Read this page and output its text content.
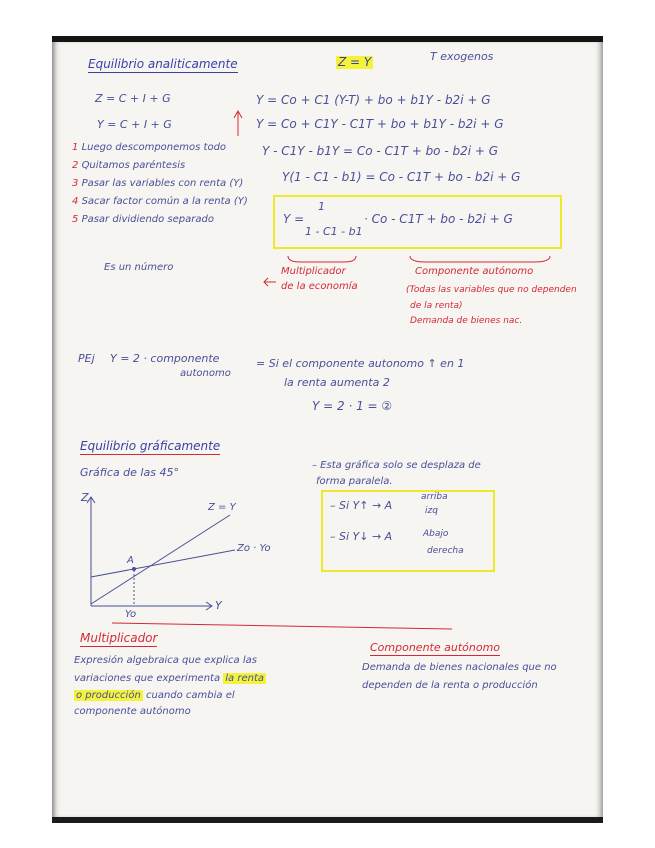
Equilibrio analiticamente	Z = Y	T exogenos
Z = C + I + G
Y = C + I + G
Y = Co + C1 (Y-T) + bo + b1Y - b2i + G
Y = Co + C1Y - C1T + bo + b1Y - b2i + G
Y - C1Y - b1Y = Co - C1T + bo - b2i + G
Y(1 - C1 - b1) = Co - C1T + bo - b2i + G
Y =
1
1 - C1 - b1
· Co - C1T + bo - b2i + G
1 Luego descomponemos todo
2 Quitamos paréntesis
3 Pasar las variables con renta (Y)
4 Sacar factor común a la renta (Y)
5 Pasar dividiendo separado
Es un número	Multiplicador
de la economía
Componente autónomo
(Todas las variables que no dependen
de la renta)
Demanda de bienes nac.
PEj Y = 2 · componente
autonomo
= Si el componente autonomo ↑ en 1
la renta aumenta 2
Y = 2 · 1 = ②
Equilibrio gráficamente
Gráfica de las 45°
Z
Y
Z = Y
Zo · Yo
A
Yo
– Esta gráfica solo se desplaza de
forma paralela.
– Si Y↑ → A
arriba
izq
– Si Y↓ → A	Abajo
derecha
Multiplicador
Expresión algebraica que explica las
variaciones que experimenta la renta
o producción cuando cambia el
componente autónomo
Componente autónomo
Demanda de bienes nacionales que no
dependen de la renta o producción
